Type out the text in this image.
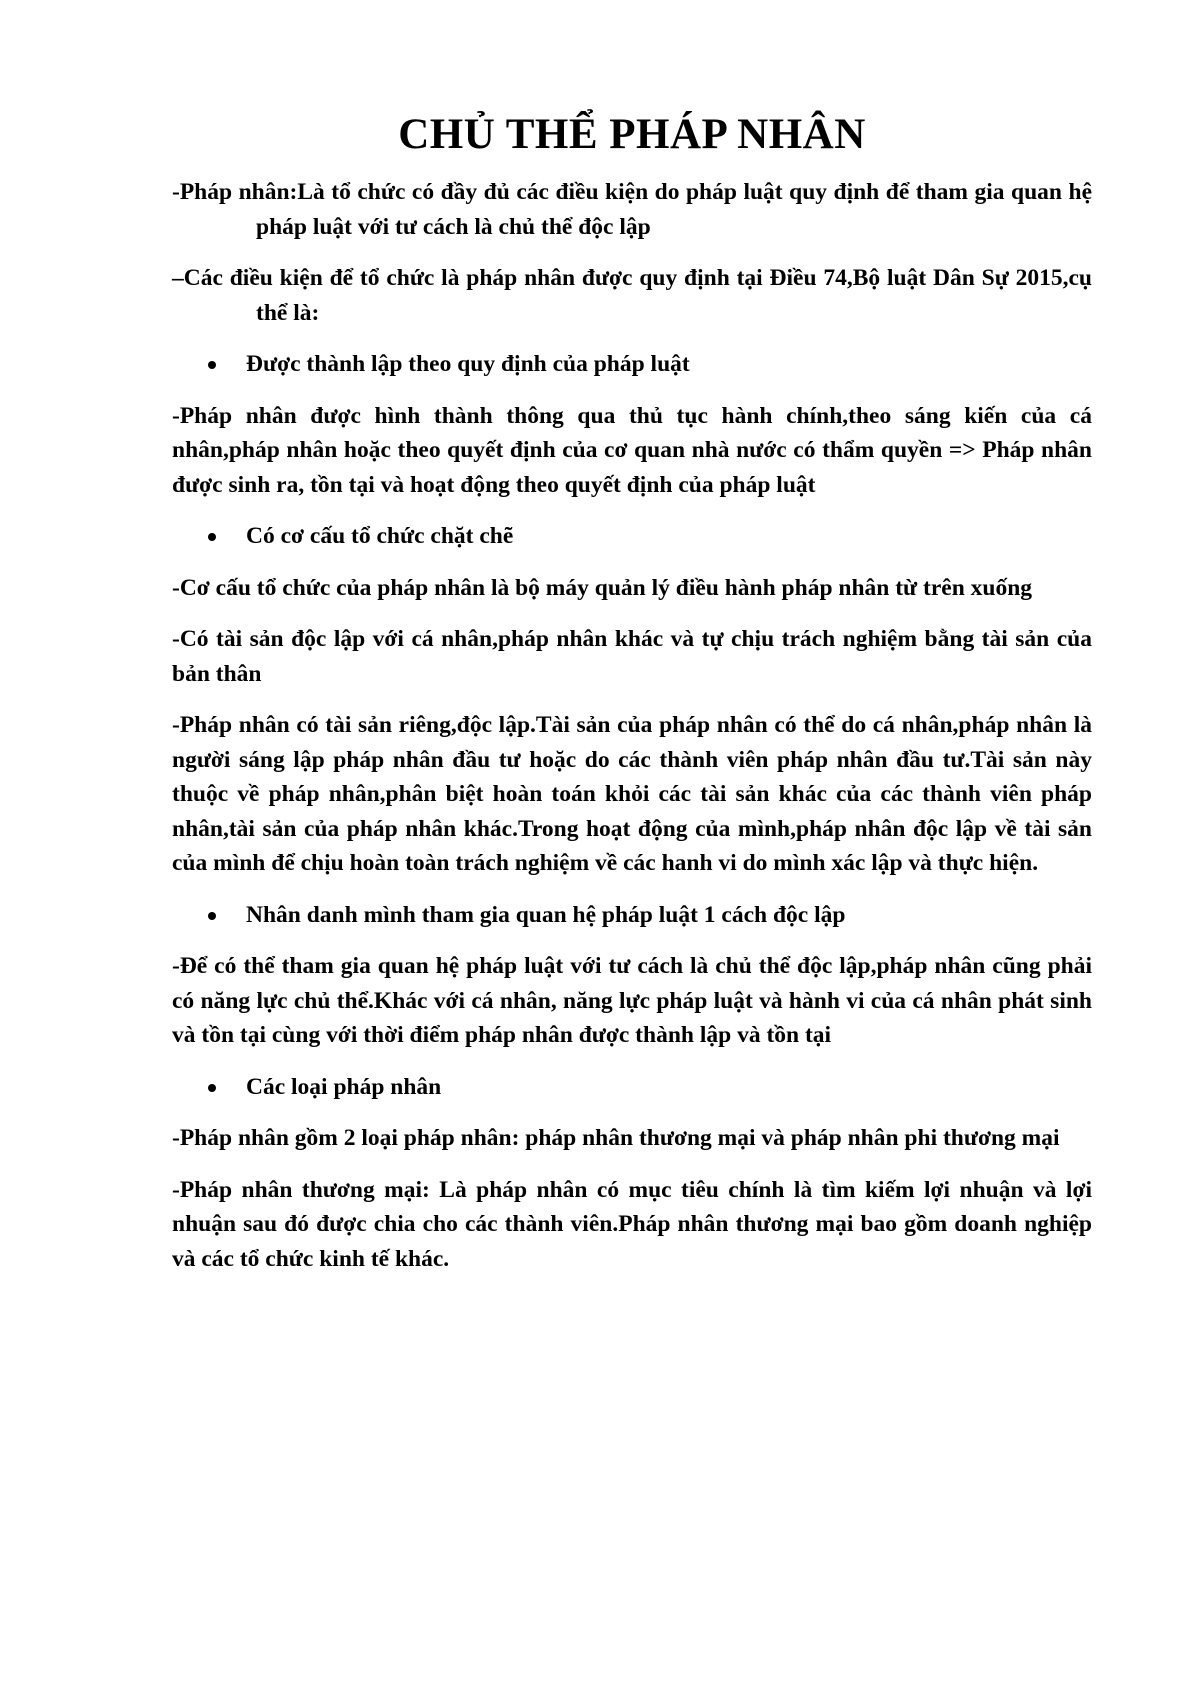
CHỦ THỂ PHÁP NHÂN

-Pháp nhân:Là tổ chức có đầy đủ các điều kiện do pháp luật quy định để tham gia quan hệ pháp luật với tư cách là chủ thể độc lập

–Các điều kiện để tổ chức là pháp nhân được quy định tại Điều 74,Bộ luật Dân Sự 2015,cụ thể là:

Được thành lập theo quy định của pháp luật

-Pháp nhân được hình thành thông qua thủ tục hành chính,theo sáng kiến của cá nhân,pháp nhân hoặc theo quyết định của cơ quan nhà nước có thẩm quyền => Pháp nhân được sinh ra, tồn tại và hoạt động theo quyết định của pháp luật

Có cơ cấu tổ chức chặt chẽ

-Cơ cấu tổ chức của pháp nhân là bộ máy quản lý điều hành pháp nhân từ trên xuống

-Có tài sản độc lập với cá nhân,pháp nhân khác và tự chịu trách nghiệm bằng tài sản của bản thân

-Pháp nhân có tài sản riêng,độc lập.Tài sản của pháp nhân có thể do cá nhân,pháp nhân là người sáng lập pháp nhân đầu tư hoặc do các thành viên pháp nhân đầu tư.Tài sản này thuộc về pháp nhân,phân biệt hoàn toán khỏi các tài sản khác của các thành viên pháp nhân,tài sản của pháp nhân khác.Trong hoạt động của mình,pháp nhân độc lập về tài sản của mình để chịu hoàn toàn trách nghiệm về các hanh vi do mình xác lập và thực hiện.

Nhân danh mình tham gia quan hệ pháp luật 1 cách độc lập

-Để có thể tham gia quan hệ pháp luật với tư cách là chủ thể độc lập,pháp nhân cũng phải có năng lực chủ thể.Khác với cá nhân, năng lực pháp luật và hành vi của cá nhân phát sinh và tồn tại cùng với thời điểm pháp nhân được thành lập và tồn tại

Các loại pháp nhân

-Pháp nhân gồm 2 loại pháp nhân: pháp nhân thương mại và pháp nhân phi thương mại

-Pháp nhân thương mại: Là pháp nhân có mục tiêu chính là tìm kiếm lợi nhuận và lợi nhuận sau đó được chia cho các thành viên.Pháp nhân thương mại bao gồm doanh nghiệp và các tổ chức kinh tế khác.
